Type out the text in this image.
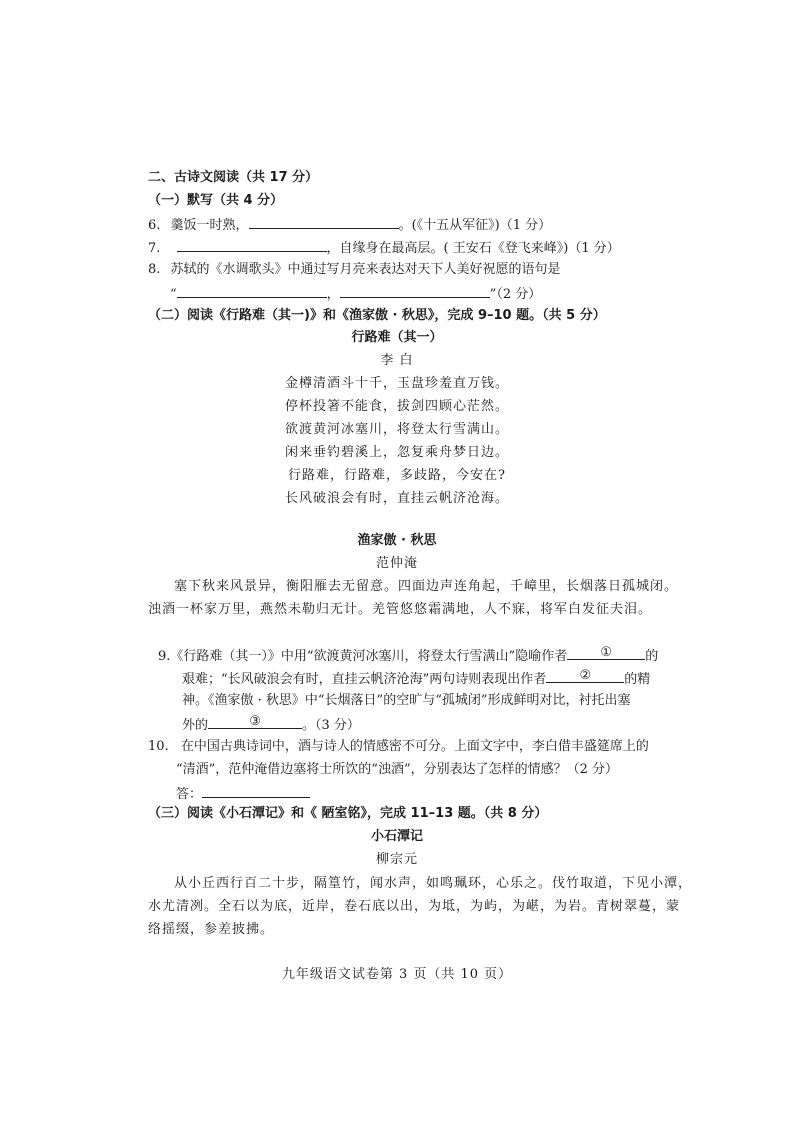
二、古诗文阅读（共 17 分）
（一）默写（共 4 分）
6. 羹饭一时熟，	。(《十五从军征》)（1 分）
7.	，自缘身在最高层。( 王安石《登飞来峰》)（1 分）
8. 苏轼的《水调歌头》中通过写月亮来表达对天下人美好祝愿的语句是
“	，	”（2 分）
（二）阅读《行路难（其一)》和《渔家傲 · 秋思》，完成 9–10 题。（共 5 分）
行路难（其一）
李 白
金樽清酒斗十千，玉盘珍羞直万钱。
停杯投箸不能食，拔剑四顾心茫然。
欲渡黄河冰塞川，将登太行雪满山。
闲来垂钓碧溪上，忽复乘舟梦日边。
行路难，行路难，多歧路，今安在?
长风破浪会有时，直挂云帆济沧海。
渔家傲 · 秋思
范仲淹
塞下秋来风景异，衡阳雁去无留意。四面边声连角起，千嶂里，长烟落日孤城闭。
浊酒一杯家万里，燕然未勒归无计。羌管悠悠霜满地，人不寐，将军白发征夫泪。
9.《行路难（其一）》中用“欲渡黄河冰塞川，将登太行雪满山”隐喻作者	①	的
艰难；“长风破浪会有时，直挂云帆济沧海”两句诗则表现出作者	②	的精
神。《渔家傲 · 秋思》中“长烟落日”的空旷与“孤城闭”形成鲜明对比，衬托出塞
外的	③	。（3 分）
10. 在中国古典诗词中，酒与诗人的情感密不可分。上面文字中，李白借丰盛筵席上的
“清酒”，范仲淹借边塞将士所饮的“浊酒”，分别表达了怎样的情感？（2 分）
答：
（三）阅读《小石潭记》和《 陋室铭》，完成 11–13 题。（共 8 分）
小石潭记
柳宗元
从小丘西行百二十步，隔篁竹，闻水声，如鸣珮环，心乐之。伐竹取道，下见小潭，
水尤清冽。全石以为底，近岸，卷石底以出，为坻，为屿，为嵁，为岩。青树翠蔓，蒙
络摇缀，参差披拂。
九年级语文试卷第 3 页（共 10 页）
